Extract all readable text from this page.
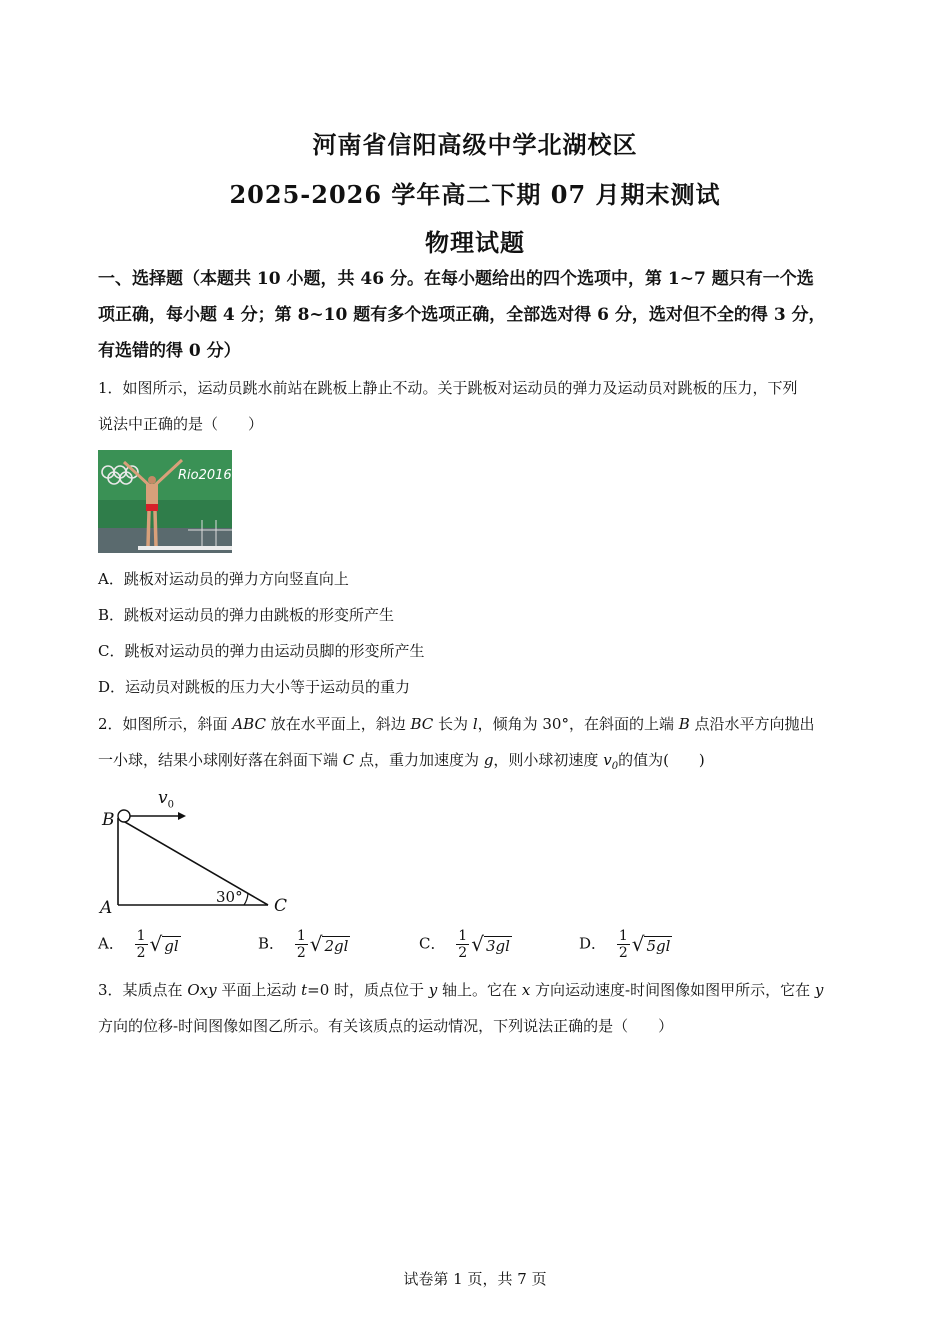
河南省信阳高级中学北湖校区
2025-2026 学年高二下期 07 月期末测试
物理试题
一、选择题（本题共 10 小题，共 46 分。在每小题给出的四个选项中，第 1~7 题只有一个选
项正确，每小题 4 分；第 8~10 题有多个选项正确，全部选对得 6 分，选对但不全的得 3 分，
有选错的得 0 分）
1．如图所示，运动员跳水前站在跳板上静止不动。关于跳板对运动员的弹力及运动员对跳板的压力，下列
说法中正确的是（　　）
Rio2016
A．跳板对运动员的弹力方向竖直向上
B．跳板对运动员的弹力由跳板的形变所产生
C．跳板对运动员的弹力由运动员脚的形变所产生
D．运动员对跳板的压力大小等于运动员的重力
2．如图所示，斜面 ABC 放在水平面上，斜边 BC 长为 l，倾角为 30°，在斜面的上端 B 点沿水平方向抛出
一小球，结果小球刚好落在斜面下端 C 点，重力加速度为 g，则小球初速度 $v_0$的值为(　　)
B
A	C
$v_0$
30°
A． $\frac{1}{2}$ √ gl	B． $\frac{1}{2}$ √ 2gl	C． $\frac{1}{2}$ √ 3gl	D． $\frac{1}{2}$ √ 5gl
3．某质点在 Oxy 平面上运动 t=0 时，质点位于 y 轴上。它在 x 方向运动速度-时间图像如图甲所示，它在 y
方向的位移-时间图像如图乙所示。有关该质点的运动情况，下列说法正确的是（　　）
试卷第 1 页，共 7 页
